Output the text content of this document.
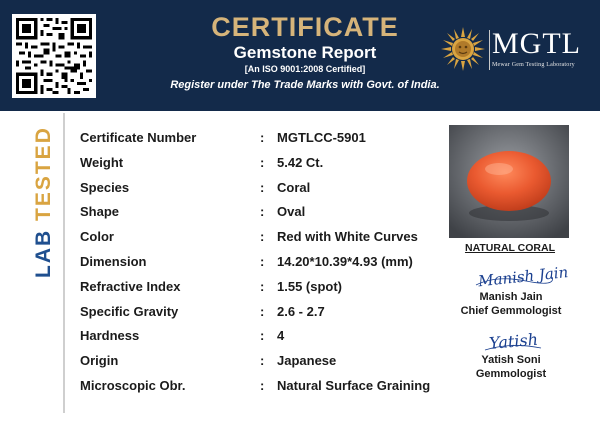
CERTIFICATE
Gemstone Report
[An ISO 9001:2008 Certified]
Register under The Trade Marks with Govt. of India.
MGTL
Mewar Gem Testing Laboratory
LAB TESTED Certificate Number	: MGTLCC-5901
Weight	: 5.42 Ct.
Species	: Coral
Shape	: Oval
Color	: Red with White Curves
Dimension	: 14.20*10.39*4.93 (mm)
Refractive Index	: 1.55 (spot)
Specific Gravity	: 2.6 - 2.7
Hardness	: 4
Origin	: Japanese
Microscopic Obr.	: Natural Surface Graining
NATURAL CORAL
Manish Jain
Manish Jain
Chief Gemmologist
Yatish
Yatish Soni
Gemmologist
